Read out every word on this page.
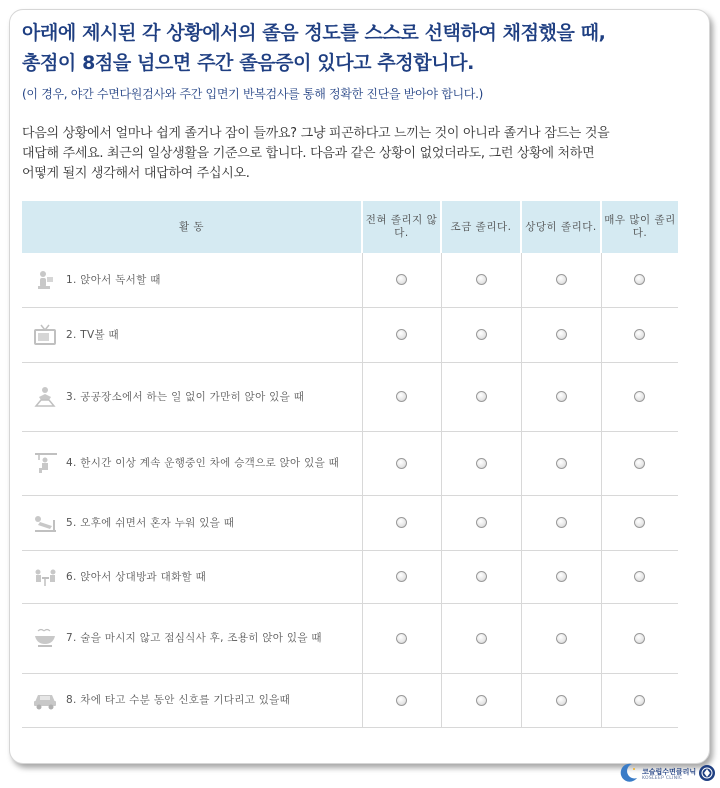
아래에 제시된 각 상황에서의 졸음 정도를 스스로 선택하여 채점했을 때,
총점이 8점을 넘으면 주간 졸음증이 있다고 추정합니다.
(이 경우, 야간 수면다원검사와 주간 입면기 반복검사를 통해 정확한 진단을 받아야 합니다.)
다음의 상황에서 얼마나 쉽게 졸거나 잠이 들까요? 그냥 피곤하다고 느끼는 것이 아니라 졸거나 잠드는 것을
대답해 주세요. 최근의 일상생활을 기준으로 합니다. 다음과 같은 상황이 없었더라도, 그런 상황에 처하면
어떻게 될지 생각해서 대답하여 주십시오.
활 동	전혀 졸리지 않다.	조금 졸리다.	상당히 졸리다.	매우 많이 졸리다.

1. 앉아서 독서할 때				

2. TV볼 때				

3. 공공장소에서 하는 일 없이 가만히 앉아 있을 때				

4. 한시간 이상 계속 운행중인 차에 승객으로 앉아 있을 때				

5. 오후에 쉬면서 혼자 누워 있을 때				

6. 앉아서 상대방과 대화할 때				

7. 술을 마시지 않고 점심식사 후, 조용히 앉아 있을 때				

8. 차에 타고 수분 동안 신호를 기다리고 있을때				
코슬립수면클리닉
KOSLEEP CLINIC
